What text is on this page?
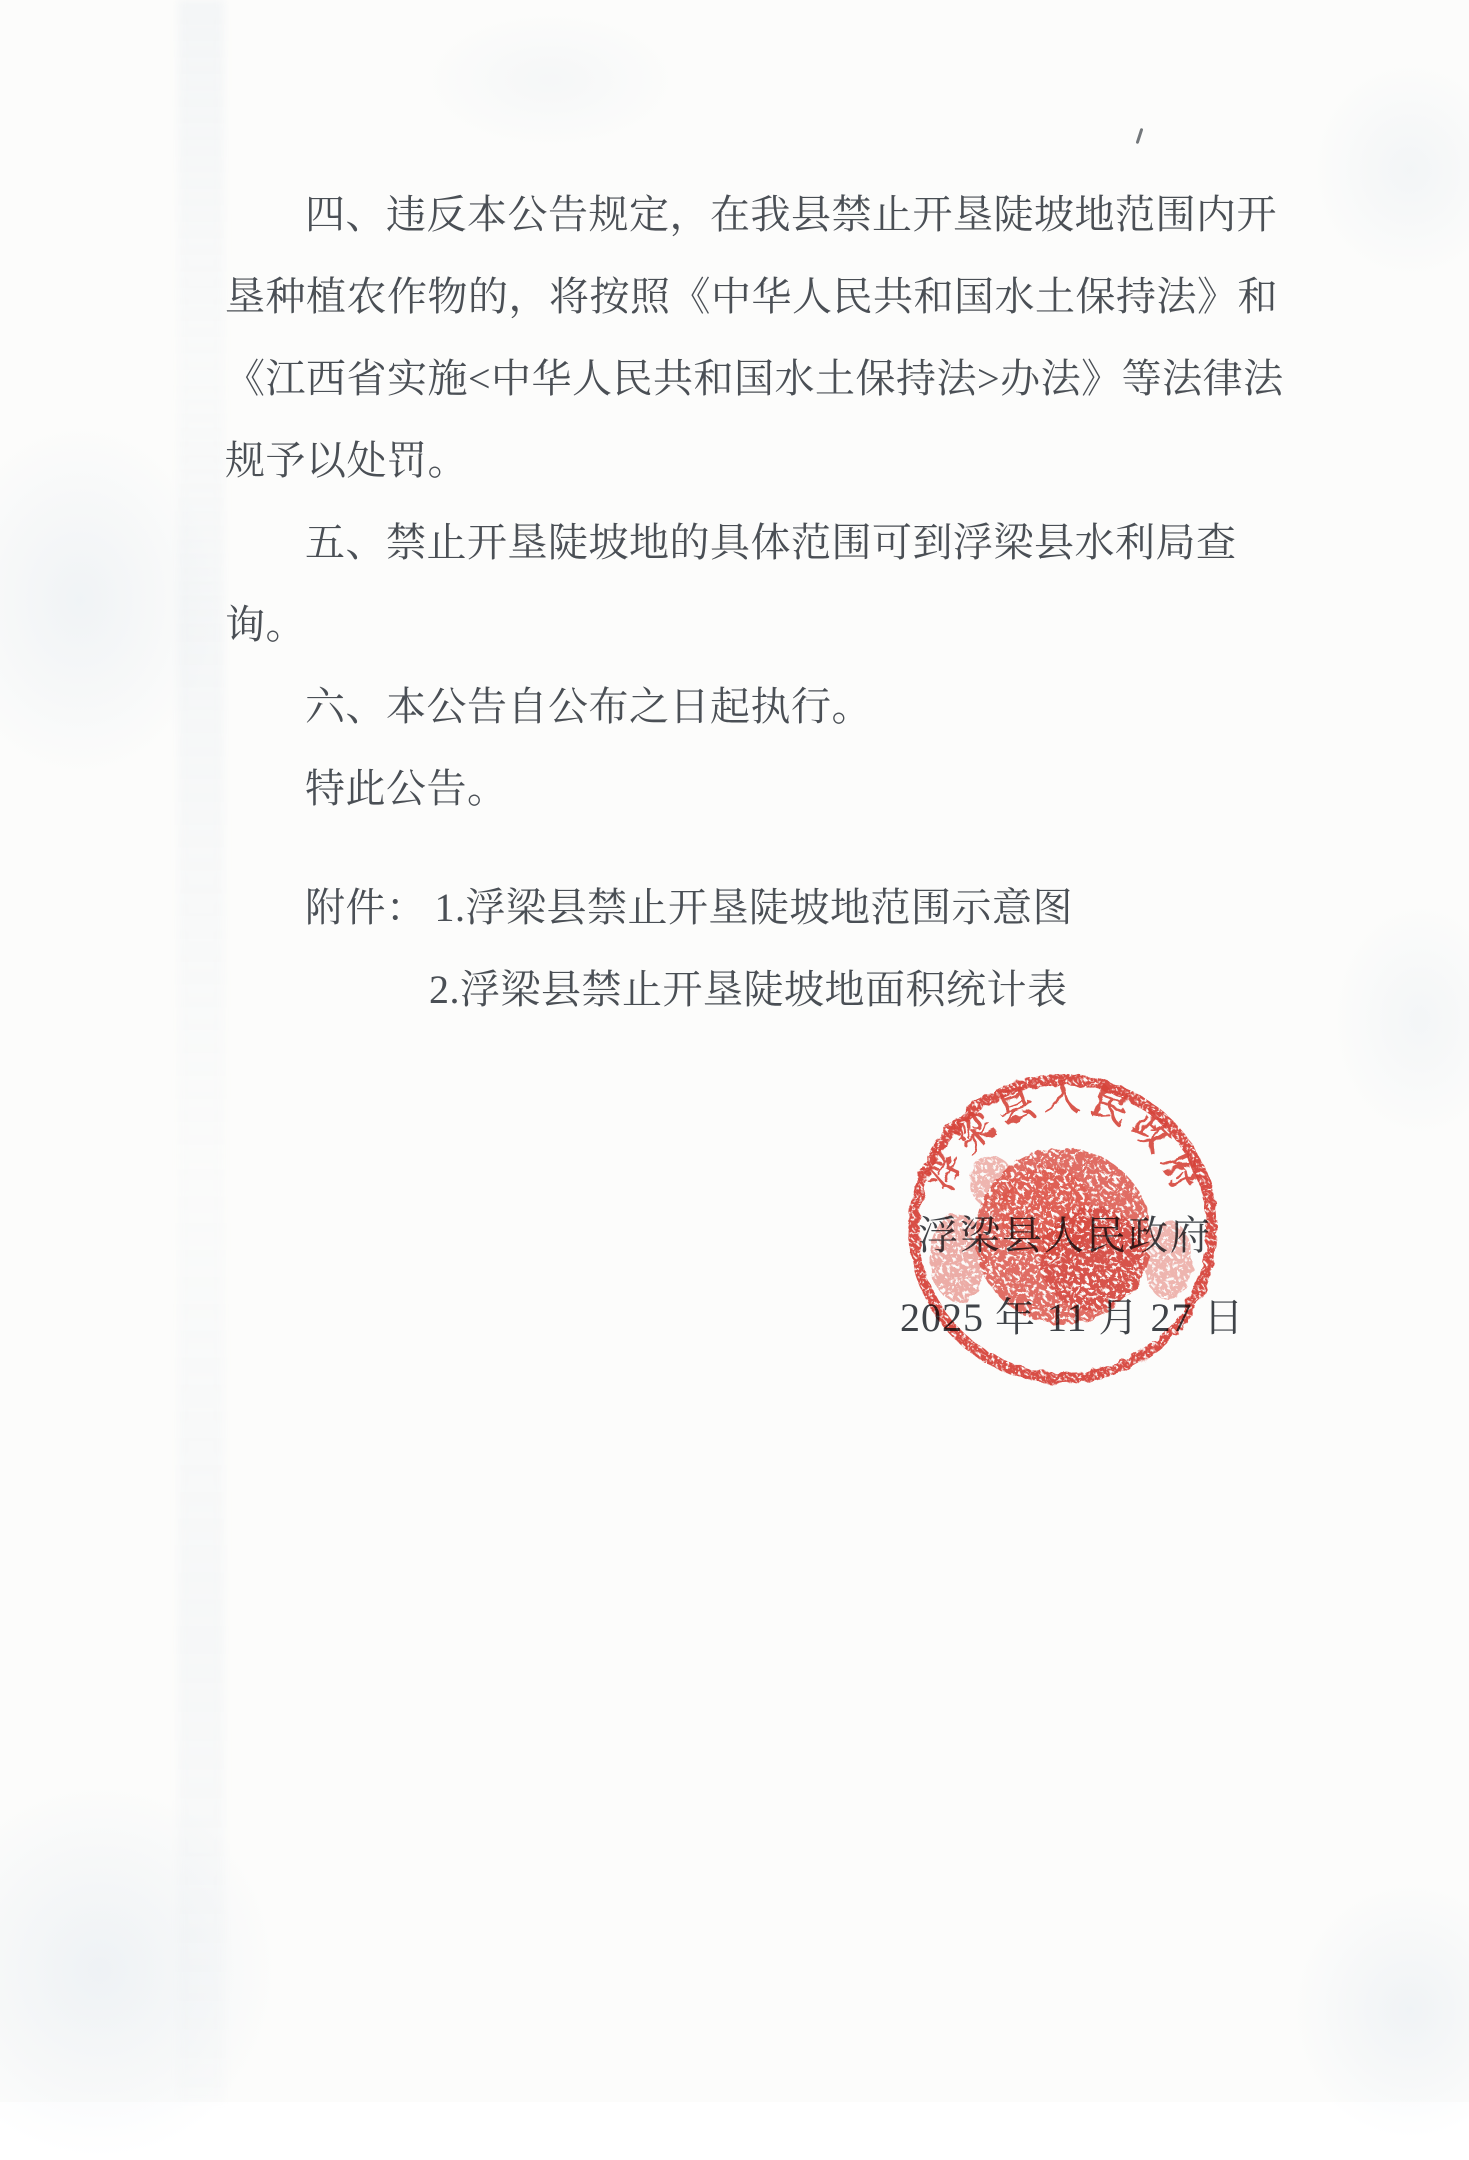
四、违反本公告规定，在我县禁止开垦陡坡地范围内开
垦种植农作物的，将按照《中华人民共和国水土保持法》和
《江西省实施<中华人民共和国水土保持法>办法》等法律法
规予以处罚。
五、禁止开垦陡坡地的具体范围可到浮梁县水利局查
询。
六、本公告自公布之日起执行。
特此公告。
附件： 1.浮梁县禁止开垦陡坡地范围示意图
2.浮梁县禁止开垦陡坡地面积统计表
浮梁县人民政府
浮梁县人民政府
2025 年 11 月 27 日
